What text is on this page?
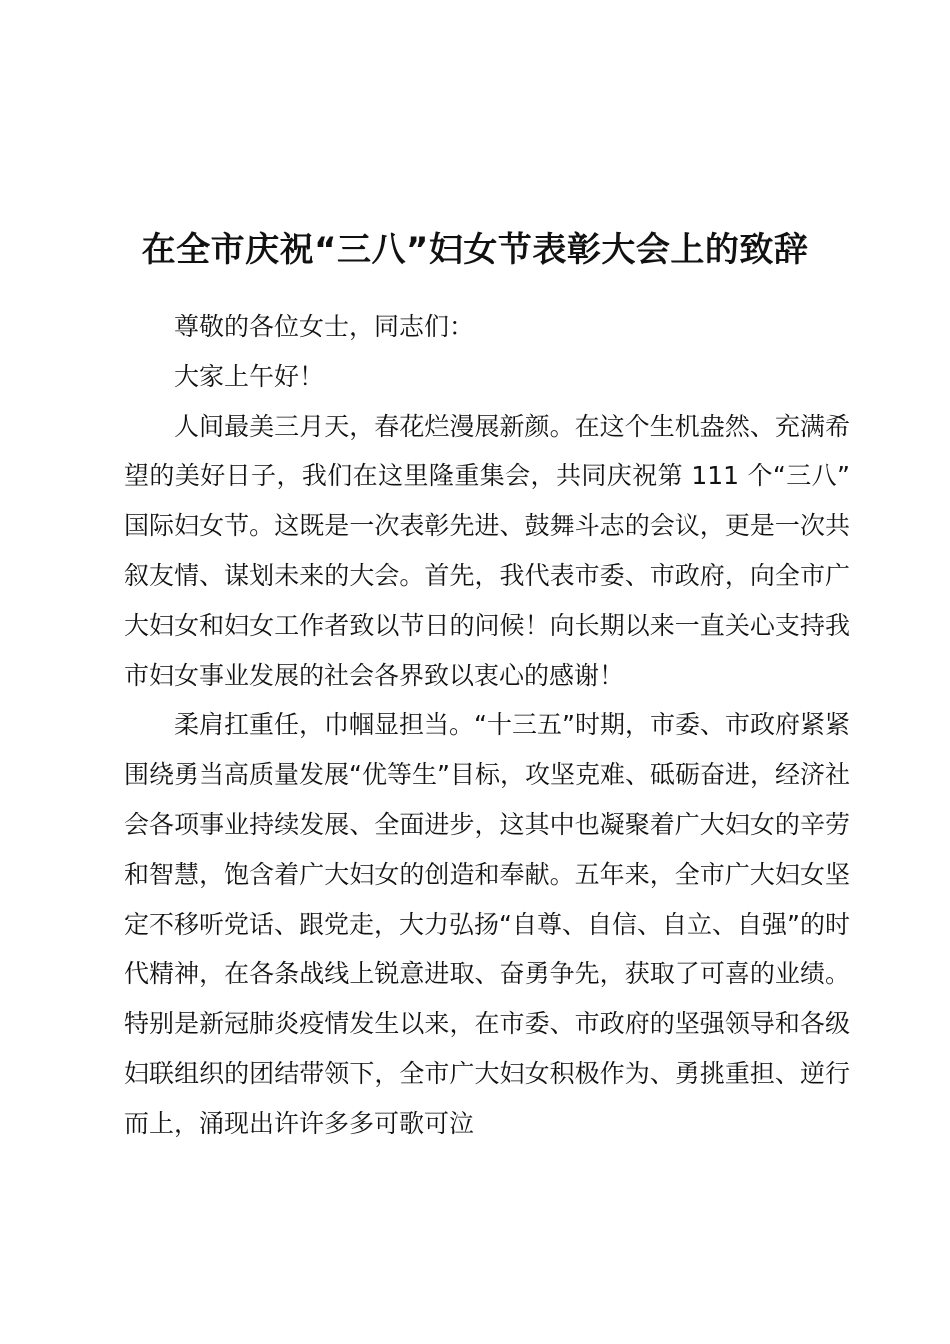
在全市庆祝“三八”妇女节表彰大会上的致辞

尊敬的各位女士，同志们：

大家上午好！

人间最美三月天，春花烂漫展新颜。在这个生机盎然、充满希望的美好日子，我们在这里隆重集会，共同庆祝第 111 个“三八”国际妇女节。这既是一次表彰先进、鼓舞斗志的会议，更是一次共叙友情、谋划未来的大会。首先，我代表市委、市政府，向全市广大妇女和妇女工作者致以节日的问候！向长期以来一直关心支持我市妇女事业发展的社会各界致以衷心的感谢！

柔肩扛重任，巾帼显担当。“十三五”时期，市委、市政府紧紧围绕勇当高质量发展“优等生”目标，攻坚克难、砥砺奋进，经济社会各项事业持续发展、全面进步，这其中也凝聚着广大妇女的辛劳和智慧，饱含着广大妇女的创造和奉献。五年来，全市广大妇女坚定不移听党话、跟党走，大力弘扬“自尊、自信、自立、自强”的时代精神，在各条战线上锐意进取、奋勇争先，获取了可喜的业绩。特别是新冠肺炎疫情发生以来，在市委、市政府的坚强领导和各级妇联组织的团结带领下，全市广大妇女积极作为、勇挑重担、逆行而上，涌现出许许多多可歌可泣
